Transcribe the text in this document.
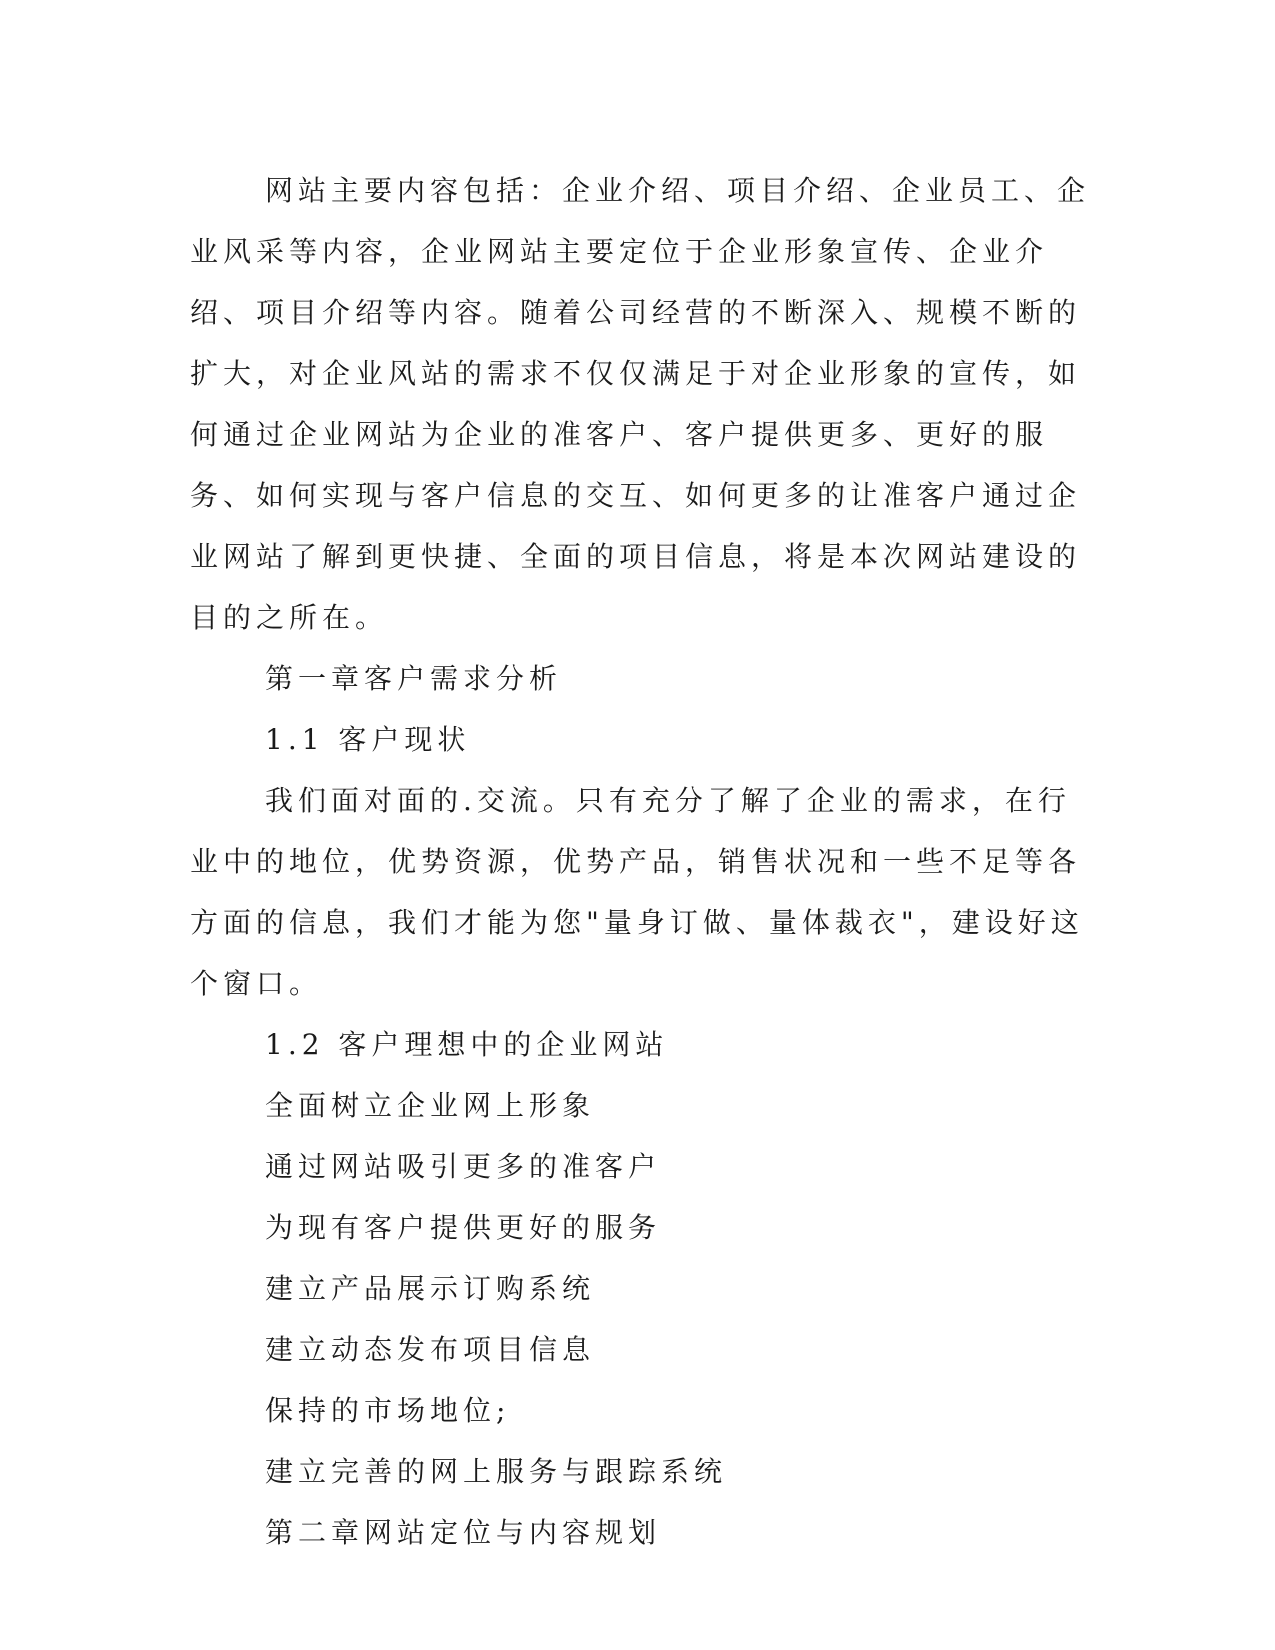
网站主要内容包括：企业介绍、项目介绍、企业员工、企业风采等内容，企业网站主要定位于企业形象宣传、企业介绍、项目介绍等内容。随着公司经营的不断深入、规模不断的扩大，对企业风站的需求不仅仅满足于对企业形象的宣传，如何通过企业网站为企业的准客户、客户提供更多、更好的服务、如何实现与客户信息的交互、如何更多的让准客户通过企业网站了解到更快捷、全面的项目信息，将是本次网站建设的目的之所在。

第一章客户需求分析

1.1 客户现状

我们面对面的.交流。只有充分了解了企业的需求，在行业中的地位，优势资源，优势产品，销售状况和一些不足等各方面的信息，我们才能为您"量身订做、量体裁衣"，建设好这个窗口。

1.2 客户理想中的企业网站

全面树立企业网上形象

通过网站吸引更多的准客户

为现有客户提供更好的服务

建立产品展示订购系统

建立动态发布项目信息

保持的市场地位;

建立完善的网上服务与跟踪系统

第二章网站定位与内容规划
